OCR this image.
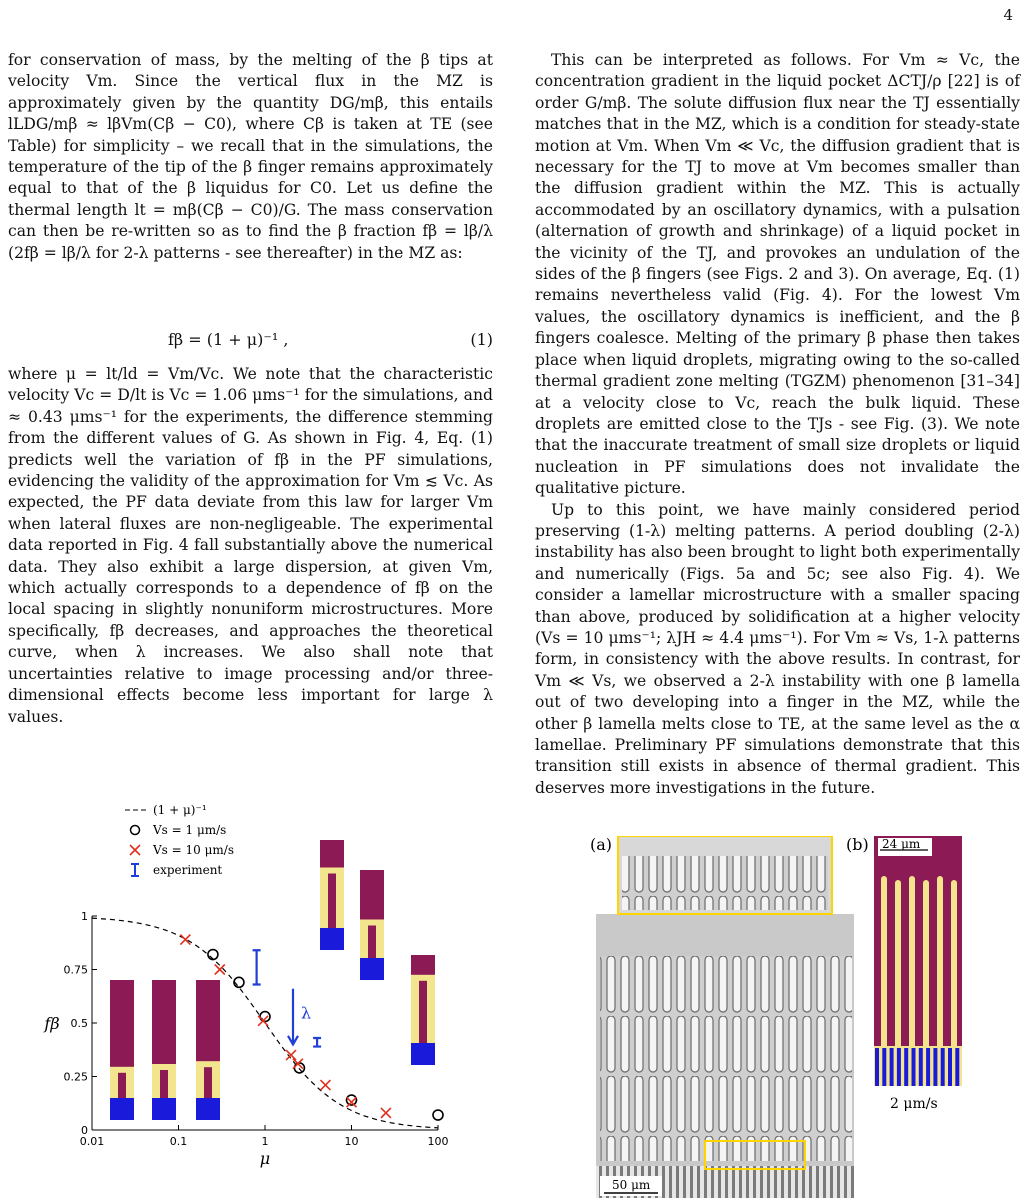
4

for conservation of mass, by the melting of the β tips at velocity Vm. Since the vertical flux in the MZ is approximately given by the quantity DG/mβ, this entails lLDG/mβ ≈ lβVm(Cβ − C0), where Cβ is taken at TE (see Table) for simplicity – we recall that in the simulations, the temperature of the tip of the β finger remains approximately equal to that of the β liquidus for C0. Let us define the thermal length lt = mβ(Cβ − C0)/G. The mass conservation can then be re-written so as to find the β fraction fβ = lβ/λ (2fβ = lβ/λ for 2-λ patterns - see thereafter) in the MZ as:

fβ = (1 + μ)⁻¹ ,	(1)

where μ = lt/ld = Vm/Vc. We note that the characteristic velocity Vc = D/lt is Vc = 1.06 μms⁻¹ for the simulations, and ≈ 0.43 μms⁻¹ for the experiments, the difference stemming from the different values of G. As shown in Fig. 4, Eq. (1) predicts well the variation of fβ in the PF simulations, evidencing the validity of the approximation for Vm ≲ Vc. As expected, the PF data deviate from this law for larger Vm when lateral fluxes are non-negligeable. The experimental data reported in Fig. 4 fall substantially above the numerical data. They also exhibit a large dispersion, at given Vm, which actually corresponds to a dependence of fβ on the local spacing in slightly nonuniform microstructures. More specifically, fβ decreases, and approaches the theoretical curve, when λ increases. We also shall note that uncertainties relative to image processing and/or three-dimensional effects become less important for large λ values.

This can be interpreted as follows. For Vm ≈ Vc, the concentration gradient in the liquid pocket ΔCTJ/ρ [22] is of order G/mβ. The solute diffusion flux near the TJ essentially matches that in the MZ, which is a condition for steady-state motion at Vm. When Vm ≪ Vc, the diffusion gradient that is necessary for the TJ to move at Vm becomes smaller than the diffusion gradient within the MZ. This is actually accommodated by an oscillatory dynamics, with a pulsation (alternation of growth and shrinkage) of a liquid pocket in the vicinity of the TJ, and provokes an undulation of the sides of the β fingers (see Figs. 2 and 3). On average, Eq. (1) remains nevertheless valid (Fig. 4). For the lowest Vm values, the oscillatory dynamics is inefficient, and the β fingers coalesce. Melting of the primary β phase then takes place when liquid droplets, migrating owing to the so-called thermal gradient zone melting (TGZM) phenomenon [31–34] at a velocity close to Vc, reach the bulk liquid. These droplets are emitted close to the TJs - see Fig. (3). We note that the inaccurate treatment of small size droplets or liquid nucleation in PF simulations does not invalidate the qualitative picture.

Up to this point, we have mainly considered period preserving (1-λ) melting patterns. A period doubling (2-λ) instability has also been brought to light both experimentally and numerically (Figs. 5a and 5c; see also Fig. 4). We consider a lamellar microstructure with a smaller spacing than above, produced by solidification at a higher velocity (Vs = 10 μms⁻¹; λJH ≈ 4.4 μms⁻¹). For Vm ≈ Vs, 1-λ patterns form, in consistency with the above results. In contrast, for Vm ≪ Vs, we observed a 2-λ instability with one β lamella out of two developing into a finger in the MZ, while the other β lamella melts close to TE, at the same level as the α lamellae. Preliminary PF simulations demonstrate that this transition still exists in absence of thermal gradient. This deserves more investigations in the future.

0.01	0.1	1	10	100
0
0.25
0.5
0.75
1
μ
fβ
λ
(1 + μ)⁻¹
Vs = 1 μm/s
Vs = 10 μm/s
experiment
(a)	(b)
50 μm
24 μm
2 μm/s
